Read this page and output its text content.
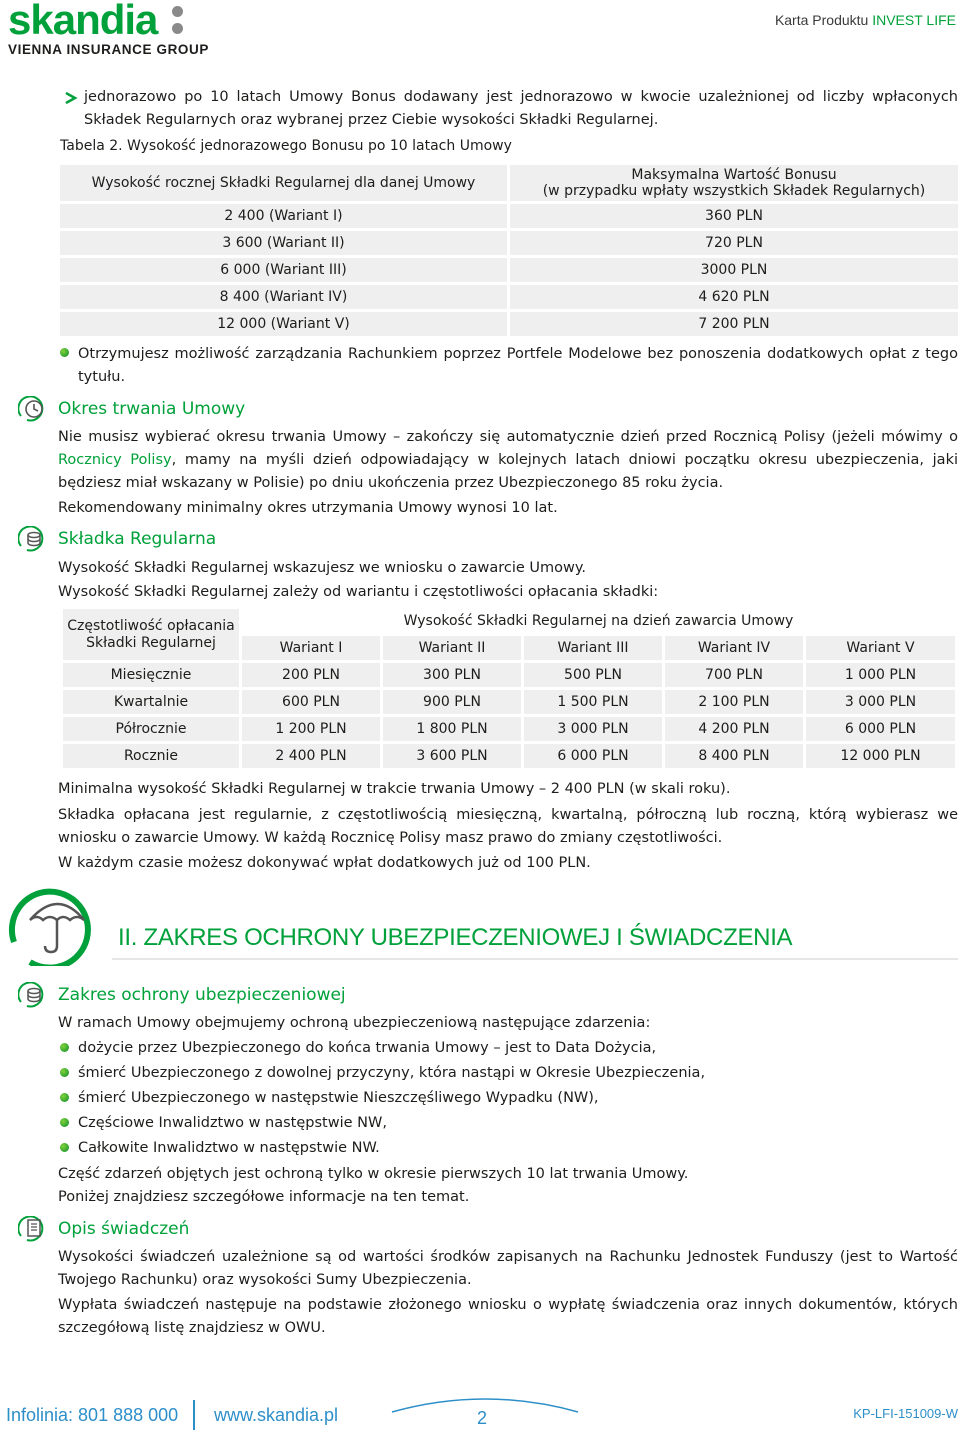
skandia
VIENNA INSURANCE GROUP
Karta Produktu INVEST LIFE
jednorazowo po 10 latach Umowy Bonus dodawany jest jednorazowo w kwocie uzależnionej od liczby wpłaconych Składek Regularnych oraz wybranej przez Ciebie wysokości Składki Regularnej.
Tabela 2. Wysokość jednorazowego Bonusu po 10 latach Umowy
Wysokość rocznej Składki Regularnej dla danej Umowy	Maksymalna Wartość Bonusu
(w przypadku wpłaty wszystkich Składek Regularnych)

2 400 (Wariant I)	360 PLN
3 600 (Wariant II)	720 PLN
6 000 (Wariant III)	3000 PLN
8 400 (Wariant IV)	4 620 PLN
12 000 (Wariant V)	7 200 PLN
Otrzymujesz możliwość zarządzania Rachunkiem poprzez Portfele Modelowe bez ponoszenia dodatkowych opłat z tego tytułu.
Okres trwania Umowy
Nie musisz wybierać okresu trwania Umowy – zakończy się automatycznie dzień przed Rocznicą Polisy (jeżeli mówimy o Rocznicy Polisy, mamy na myśli dzień odpowiadający w kolejnych latach dniowi początku okresu ubezpieczenia, jaki będziesz miał wskazany w Polisie) po dniu ukończenia przez Ubezpieczonego 85 roku życia.
Rekomendowany minimalny okres utrzymania Umowy wynosi 10 lat.
Składka Regularna
Wysokość Składki Regularnej wskazujesz we wniosku o zawarcie Umowy.
Wysokość Składki Regularnej zależy od wariantu i częstotliwości opłacania składki:
Częstotliwość opłacania
Składki Regularnej	Wysokość Składki Regularnej na dzień zawarcia Umowy				
	Wariant I	Wariant II	Wariant III	Wariant IV	Wariant V
Miesięcznie	200 PLN	300 PLN	500 PLN	700 PLN	1 000 PLN
Kwartalnie	600 PLN	900 PLN	1 500 PLN	2 100 PLN	3 000 PLN
Półrocznie	1 200 PLN	1 800 PLN	3 000 PLN	4 200 PLN	6 000 PLN
Rocznie	2 400 PLN	3 600 PLN	6 000 PLN	8 400 PLN	12 000 PLN
Minimalna wysokość Składki Regularnej w trakcie trwania Umowy – 2 400 PLN (w skali roku).
Składka opłacana jest regularnie, z częstotliwością miesięczną, kwartalną, półroczną lub roczną, którą wybierasz we wniosku o zawarcie Umowy. W każdą Rocznicę Polisy masz prawo do zmiany częstotliwości.
W każdym czasie możesz dokonywać wpłat dodatkowych już od 100 PLN.
II. ZAKRES OCHRONY UBEZPIECZENIOWEJ I ŚWIADCZENIA
Zakres ochrony ubezpieczeniowej
W ramach Umowy obejmujemy ochroną ubezpieczeniową następujące zdarzenia:
dożycie przez Ubezpieczonego do końca trwania Umowy – jest to Data Dożycia,
śmierć Ubezpieczonego z dowolnej przyczyny, która nastąpi w Okresie Ubezpieczenia,
śmierć Ubezpieczonego w następstwie Nieszczęśliwego Wypadku (NW),
Częściowe Inwalidztwo w następstwie NW,
Całkowite Inwalidztwo w następstwie NW.
Część zdarzeń objętych jest ochroną tylko w okresie pierwszych 10 lat trwania Umowy.
Poniżej znajdziesz szczegółowe informacje na ten temat.
Opis świadczeń
Wysokości świadczeń uzależnione są od wartości środków zapisanych na Rachunku Jednostek Funduszy (jest to Wartość Twojego Rachunku) oraz wysokości Sumy Ubezpieczenia.
Wypłata świadczeń następuje na podstawie złożonego wniosku o wypłatę świadczenia oraz innych dokumentów, których szczegółową listę znajdziesz w OWU.
Infolinia: 801 888 000 www.skandia.pl	2	KP-LFI-151009-W
